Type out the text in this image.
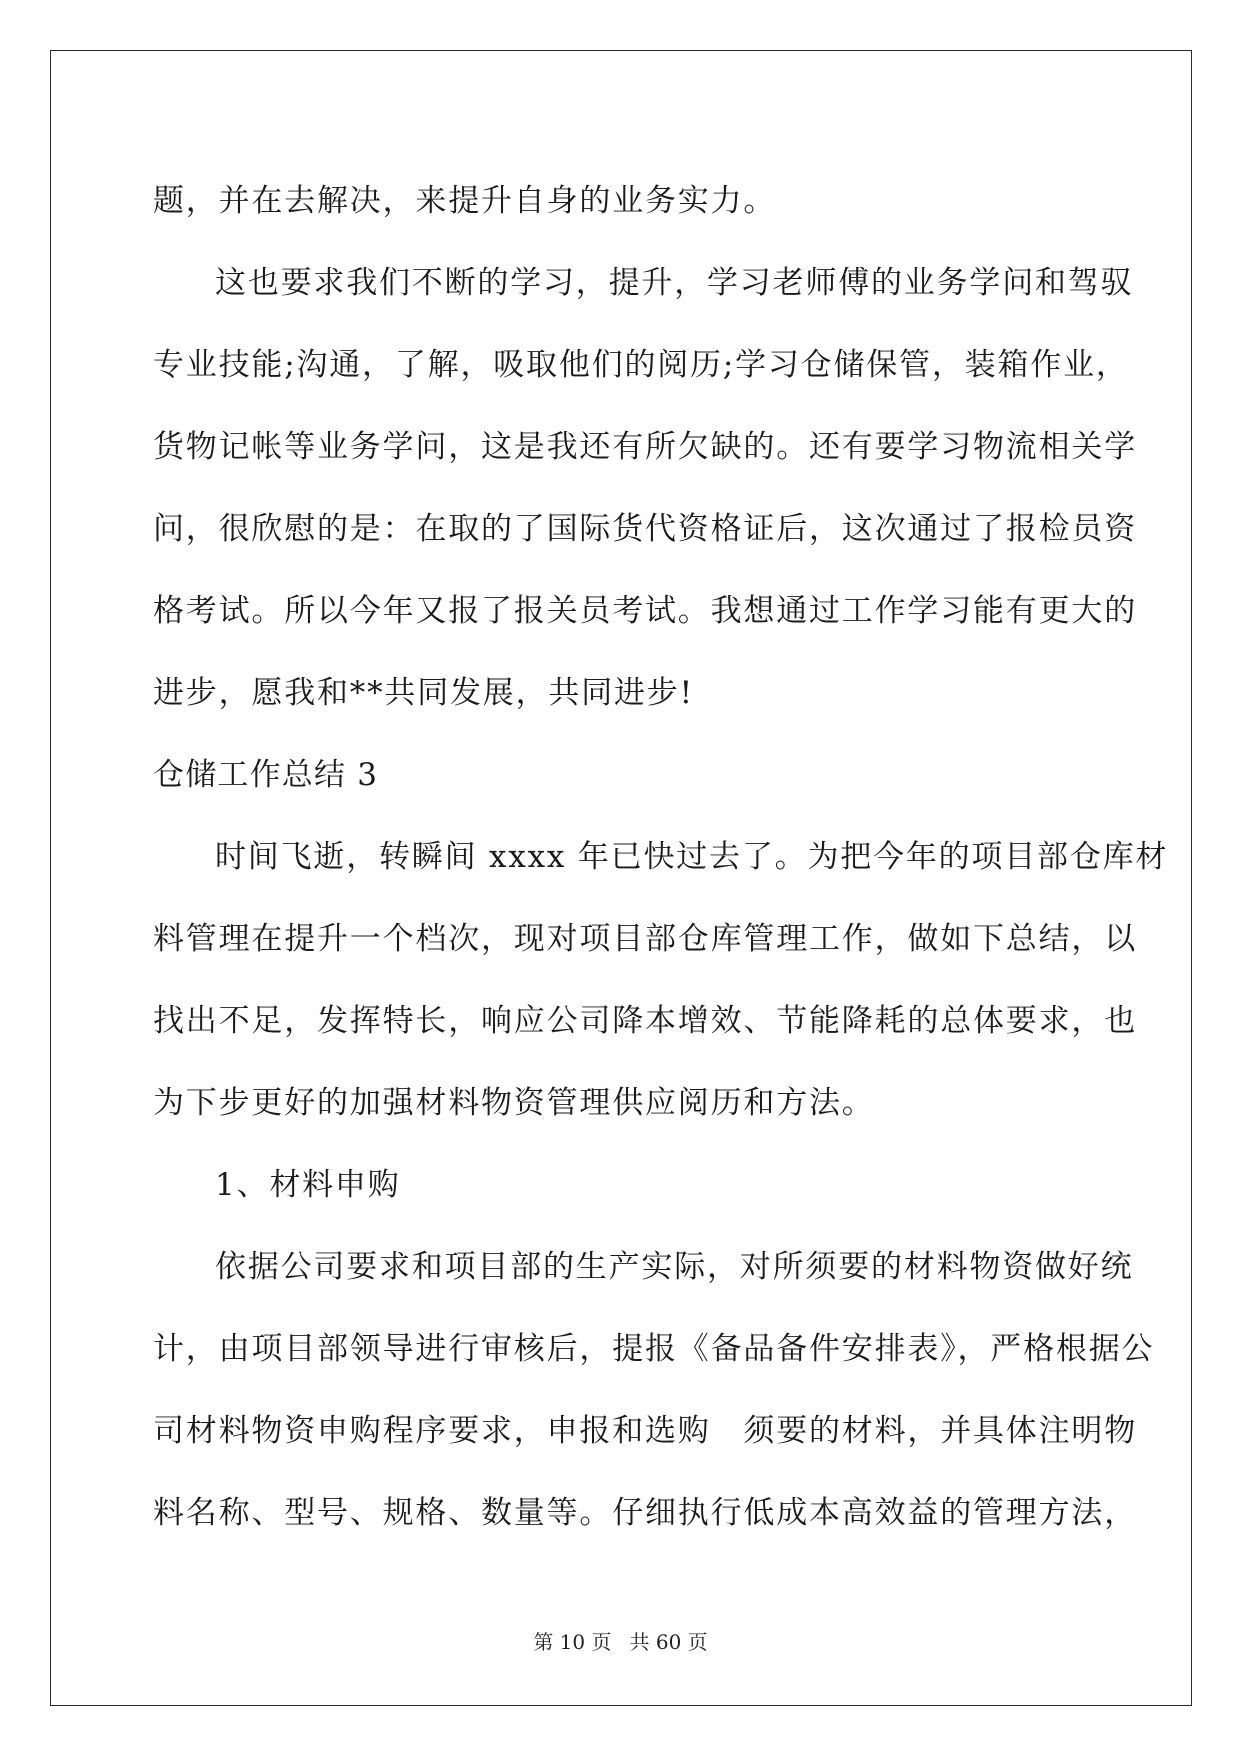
题，并在去解决，来提升自身的业务实力。
这也要求我们不断的学习，提升，学习老师傅的业务学问和驾驭
专业技能;沟通，了解，吸取他们的阅历;学习仓储保管，装箱作业，
货物记帐等业务学问，这是我还有所欠缺的。还有要学习物流相关学
问，很欣慰的是：在取的了国际货代资格证后，这次通过了报检员资
格考试。所以今年又报了报关员考试。我想通过工作学习能有更大的
进步，愿我和**共同发展，共同进步!
仓储工作总结 3
时间飞逝，转瞬间 xxxx 年已快过去了。为把今年的项目部仓库材
料管理在提升一个档次，现对项目部仓库管理工作，做如下总结，以
找出不足，发挥特长，响应公司降本增效、节能降耗的总体要求，也
为下步更好的加强材料物资管理供应阅历和方法。
1、材料申购
依据公司要求和项目部的生产实际，对所须要的材料物资做好统
计，由项目部领导进行审核后，提报《备品备件安排表》，严格根据公
司材料物资申购程序要求，申报和选购　须要的材料，并具体注明物
料名称、型号、规格、数量等。仔细执行低成本高效益的管理方法，
第 10 页 共 60 页
